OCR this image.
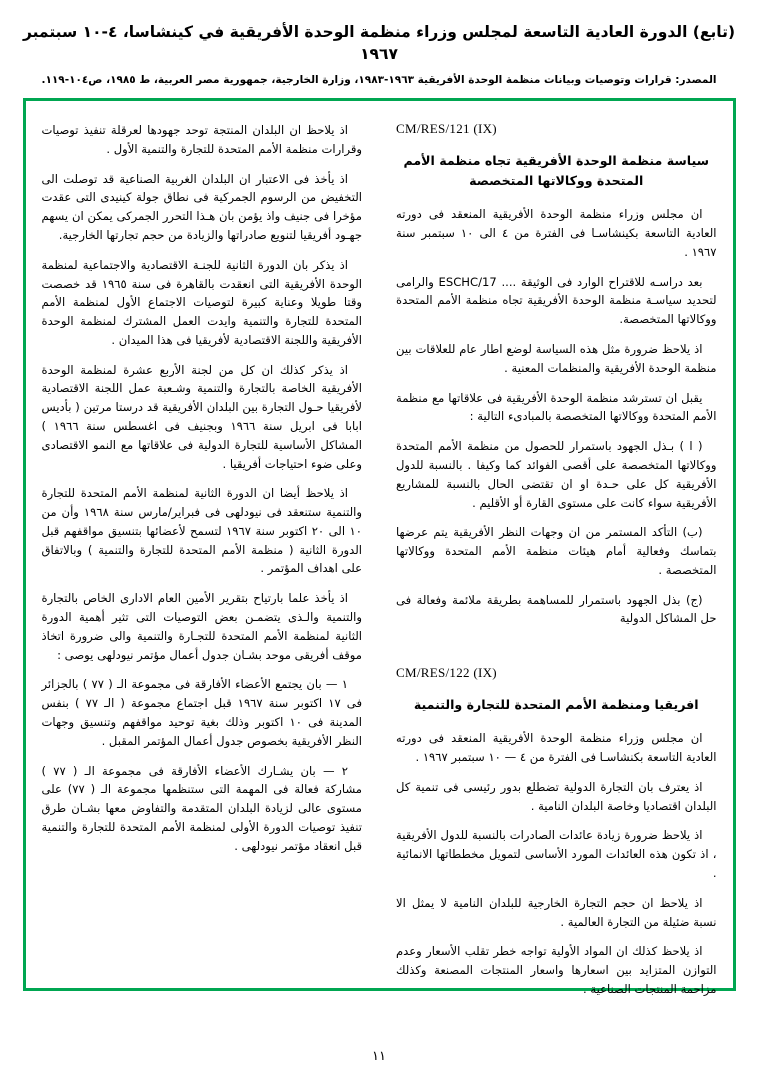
(تابع) الدورة العادية التاسعة لمجلس وزراء منظمة الوحدة الأفريقية في كينشاسا، ٤-١٠ سبتمبر ١٩٦٧
المصدر: قرارات وتوصيات وبيانات منظمة الوحدة الأفريقية ١٩٦٣-١٩٨٣، وزارة الخارجية، جمهورية مصر العربية، ط ١٩٨٥، ص١٠٤-١١٩.
CM/RES/121 (IX)
سياسة منظمة الوحدة الأفريقية تجاه منظمة الأمم المتحدة ووكالاتها المتخصصة

ان مجلس وزراء منظمة الوحدة الأفريقية المنعقد فى دورته العادية التاسعة بكينشاسـا فى الفترة من ٤ الى ١٠ سبتمبر سنة ١٩٦٧ .

بعد دراسـه للاقتراح الوارد فى الوثيقة .... ESCHC/17 والرامى لتحديد سياسـة منظمة الوحدة الأفريقية تجاه منظمة الأمم المتحدة ووكالاتها المتخصصة.

اذ يلاحظ ضرورة مثل هذه السياسة لوضع اطار عام للعلاقات بين منظمة الوحدة الأفريقية والمنظمات المعنية .

يقبل ان تسترشد منظمة الوحدة الأفريقية فى علاقاتها مع منظمة الأمم المتحدة ووكالاتها المتخصصة بالمبادىء التالية :

( ا ) بـذل الجهود باستمرار للحصول من منظمة الأمم المتحدة ووكالاتها المتخصصة على أقصى الفوائد كما وكيفا . بالنسبة للدول الأفريقية كل على حـدة او ان تقتضى الحال بالنسبة للمشاريع الأفريقية سواء كانت على مستوى القارة أو الأقليم .

(ب) التأكد المستمر من ان وجهات النظر الأفريقية يتم عرضها بتماسك وفعالية أمام هيئات منظمة الأمم المتحدة ووكالاتها المتخصصة .

(ج) بذل الجهود باستمرار للمساهمة بطريقة ملائمة وفعالة فى حل المشاكل الدولية

CM/RES/122 (IX)
افريقيا ومنظمة الأمم المتحدة للتجارة والتنمية

ان مجلس وزراء منظمة الوحدة الأفريقية المنعقد فى دورته العادية التاسعة بكنشاسـا فى الفترة من ٤ — ١٠ سبتمبر ١٩٦٧ .

اذ يعترف بان التجارة الدولية تضطلع بدور رئيسى فى تنمية كل البلدان اقتصاديا وخاصة البلدان النامية .

اذ يلاحظ ضرورة زيادة عائدات الصادرات بالنسبة للدول الأفريقية ، اذ تكون هذه العائدات المورد الأساسى لتمويل مخططاتها الانمائية .

اذ يلاحظ ان حجم التجارة الخارجية للبلدان النامية لا يمثل الا نسبة ضئيلة من التجارة العالمية .

اذ يلاحظ كذلك ان المواد الأولية تواجه خطر تقلب الأسعار وعدم التوازن المتزايد بين اسعارها واسعار المنتجات المصنعة وكذلك مزاحمة المنتجات الصناعية .

اذ يلاحظ ان البلدان المنتجة توحد جهودها لعرقلة تنفيذ توصيات وقرارات منظمة الأمم المتحدة للتجارة والتنمية الأول .

اذ يأخذ فى الاعتبار ان البلدان الغربية الصناعية قد توصلت الى التخفيض من الرسوم الجمركية فى نطاق جولة كينيدى التى عقدت مؤخرا فى جنيف واذ يؤمن بان هـذا التحرر الجمركى يمكن ان يسهم جهـود أفريقيا لتنويع صادراتها والزيادة من حجم تجارتها الخارجية.

اذ يذكر بان الدورة الثانية للجنـة الاقتصادية والاجتماعية لمنظمة الوحدة الأفريقية التى انعقدت بالقاهرة فى سنة ١٩٦٥ قد خصصت وقتا طويلا وعناية كبيرة لتوصيات الاجتماع الأول لمنظمة الأمم المتحدة للتجارة والتنمية وايدت العمل المشترك لمنظمة الوحدة الأفريقية واللجنة الاقتصادية لأفريقيا فى هذا الميدان .

اذ يذكر كذلك ان كل من لجنة الأربع عشرة لمنظمة الوحدة الأفريقية الخاصة بالتجارة والتنمية وشـعبة عمل اللجنة الاقتصادية لأفريقيا حـول التجارة بين البلدان الأفريقية قد درستا مرتين ( بأديس ابابا فى ابريل سنة ١٩٦٦ وبجنيف فى اغسطس سنة ١٩٦٦ ) المشاكل الأساسية للتجارة الدولية فى علاقاتها مع النمو الاقتصادى وعلى ضوء احتياجات أفريقيا .

اذ يلاحظ أيضا ان الدورة الثانية لمنظمة الأمم المتحدة للتجارة والتنمية ستنعقد فى نيودلهى فى فبراير/مارس سنة ١٩٦٨ وأن من ١٠ الى ٢٠ اكتوبر سنة ١٩٦٧ لتسمح لأعضائها بتنسيق مواقفهم قبل الدورة الثانية ( منظمة الأمم المتحدة للتجارة والتنمية ) وبالاتفاق على اهداف المؤتمر .

اذ يأخذ علما بارتياح بتقرير الأمين العام الادارى الخاص بالتجارة والتنمية والـذى يتضمـن بعض التوصيات التى تثير أهمية الدورة الثانية لمنظمة الأمم المتحدة للتجـارة والتنمية والى ضرورة اتخاذ موقف أفريقى موحد بشـان جدول أعمال مؤتمر نيودلهى يوصى :

١ — بان يجتمع الأعضاء الأفارقة فى مجموعة الـ ( ٧٧ ) بالجزائر فى ١٧ اكتوبر سنة ١٩٦٧ قبل اجتماع مجموعة ( الـ ٧٧ ) بنفس المدينة فى ١٠ اكتوبر وذلك بغية توحيد مواقفهم وتنسيق وجهات النظر الأفريقية بخصوص جدول أعمال المؤتمر المقبل .

٢ — بان يشـارك الأعضاء الأفارقة فى مجموعة الـ ( ٧٧ ) مشاركة فعالة فى المهمة التى ستنظمها مجموعة الـ ( ٧٧) على مستوى عالى لزيادة البلدان المتقدمة والتفاوض معها بشـان طرق تنفيذ توصيات الدورة الأولى لمنظمة الأمم المتحدة للتجارة والتنمية قبل انعقاد مؤتمر نيودلهى .

١١
